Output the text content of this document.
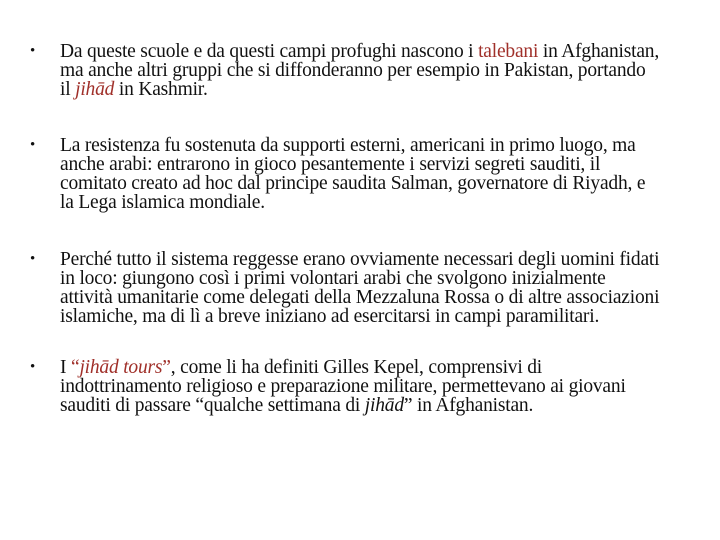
• Da queste scuole e da questi campi profughi nascono i talebani in Afghanistan, ma anche altri gruppi che si diffonderanno per esempio in Pakistan, portando il jihād in Kashmir.
• La resistenza fu sostenuta da supporti esterni, americani in primo luogo, ma anche arabi: entrarono in gioco pesantemente i servizi segreti sauditi, il comitato creato ad hoc dal principe saudita Salman, governatore di Riyadh, e la Lega islamica mondiale.
• Perché tutto il sistema reggesse erano ovviamente necessari degli uomini fidati in loco: giungono così i primi volontari arabi che svolgono inizialmente attività umanitarie come delegati della Mezzaluna Rossa o di altre associazioni islamiche, ma di lì a breve iniziano ad esercitarsi in campi paramilitari.
• I “jihād tours”, come li ha definiti Gilles Kepel, comprensivi di indottrinamento religioso e preparazione militare, permettevano ai giovani sauditi di passare “qualche settimana di jihād” in Afghanistan.
